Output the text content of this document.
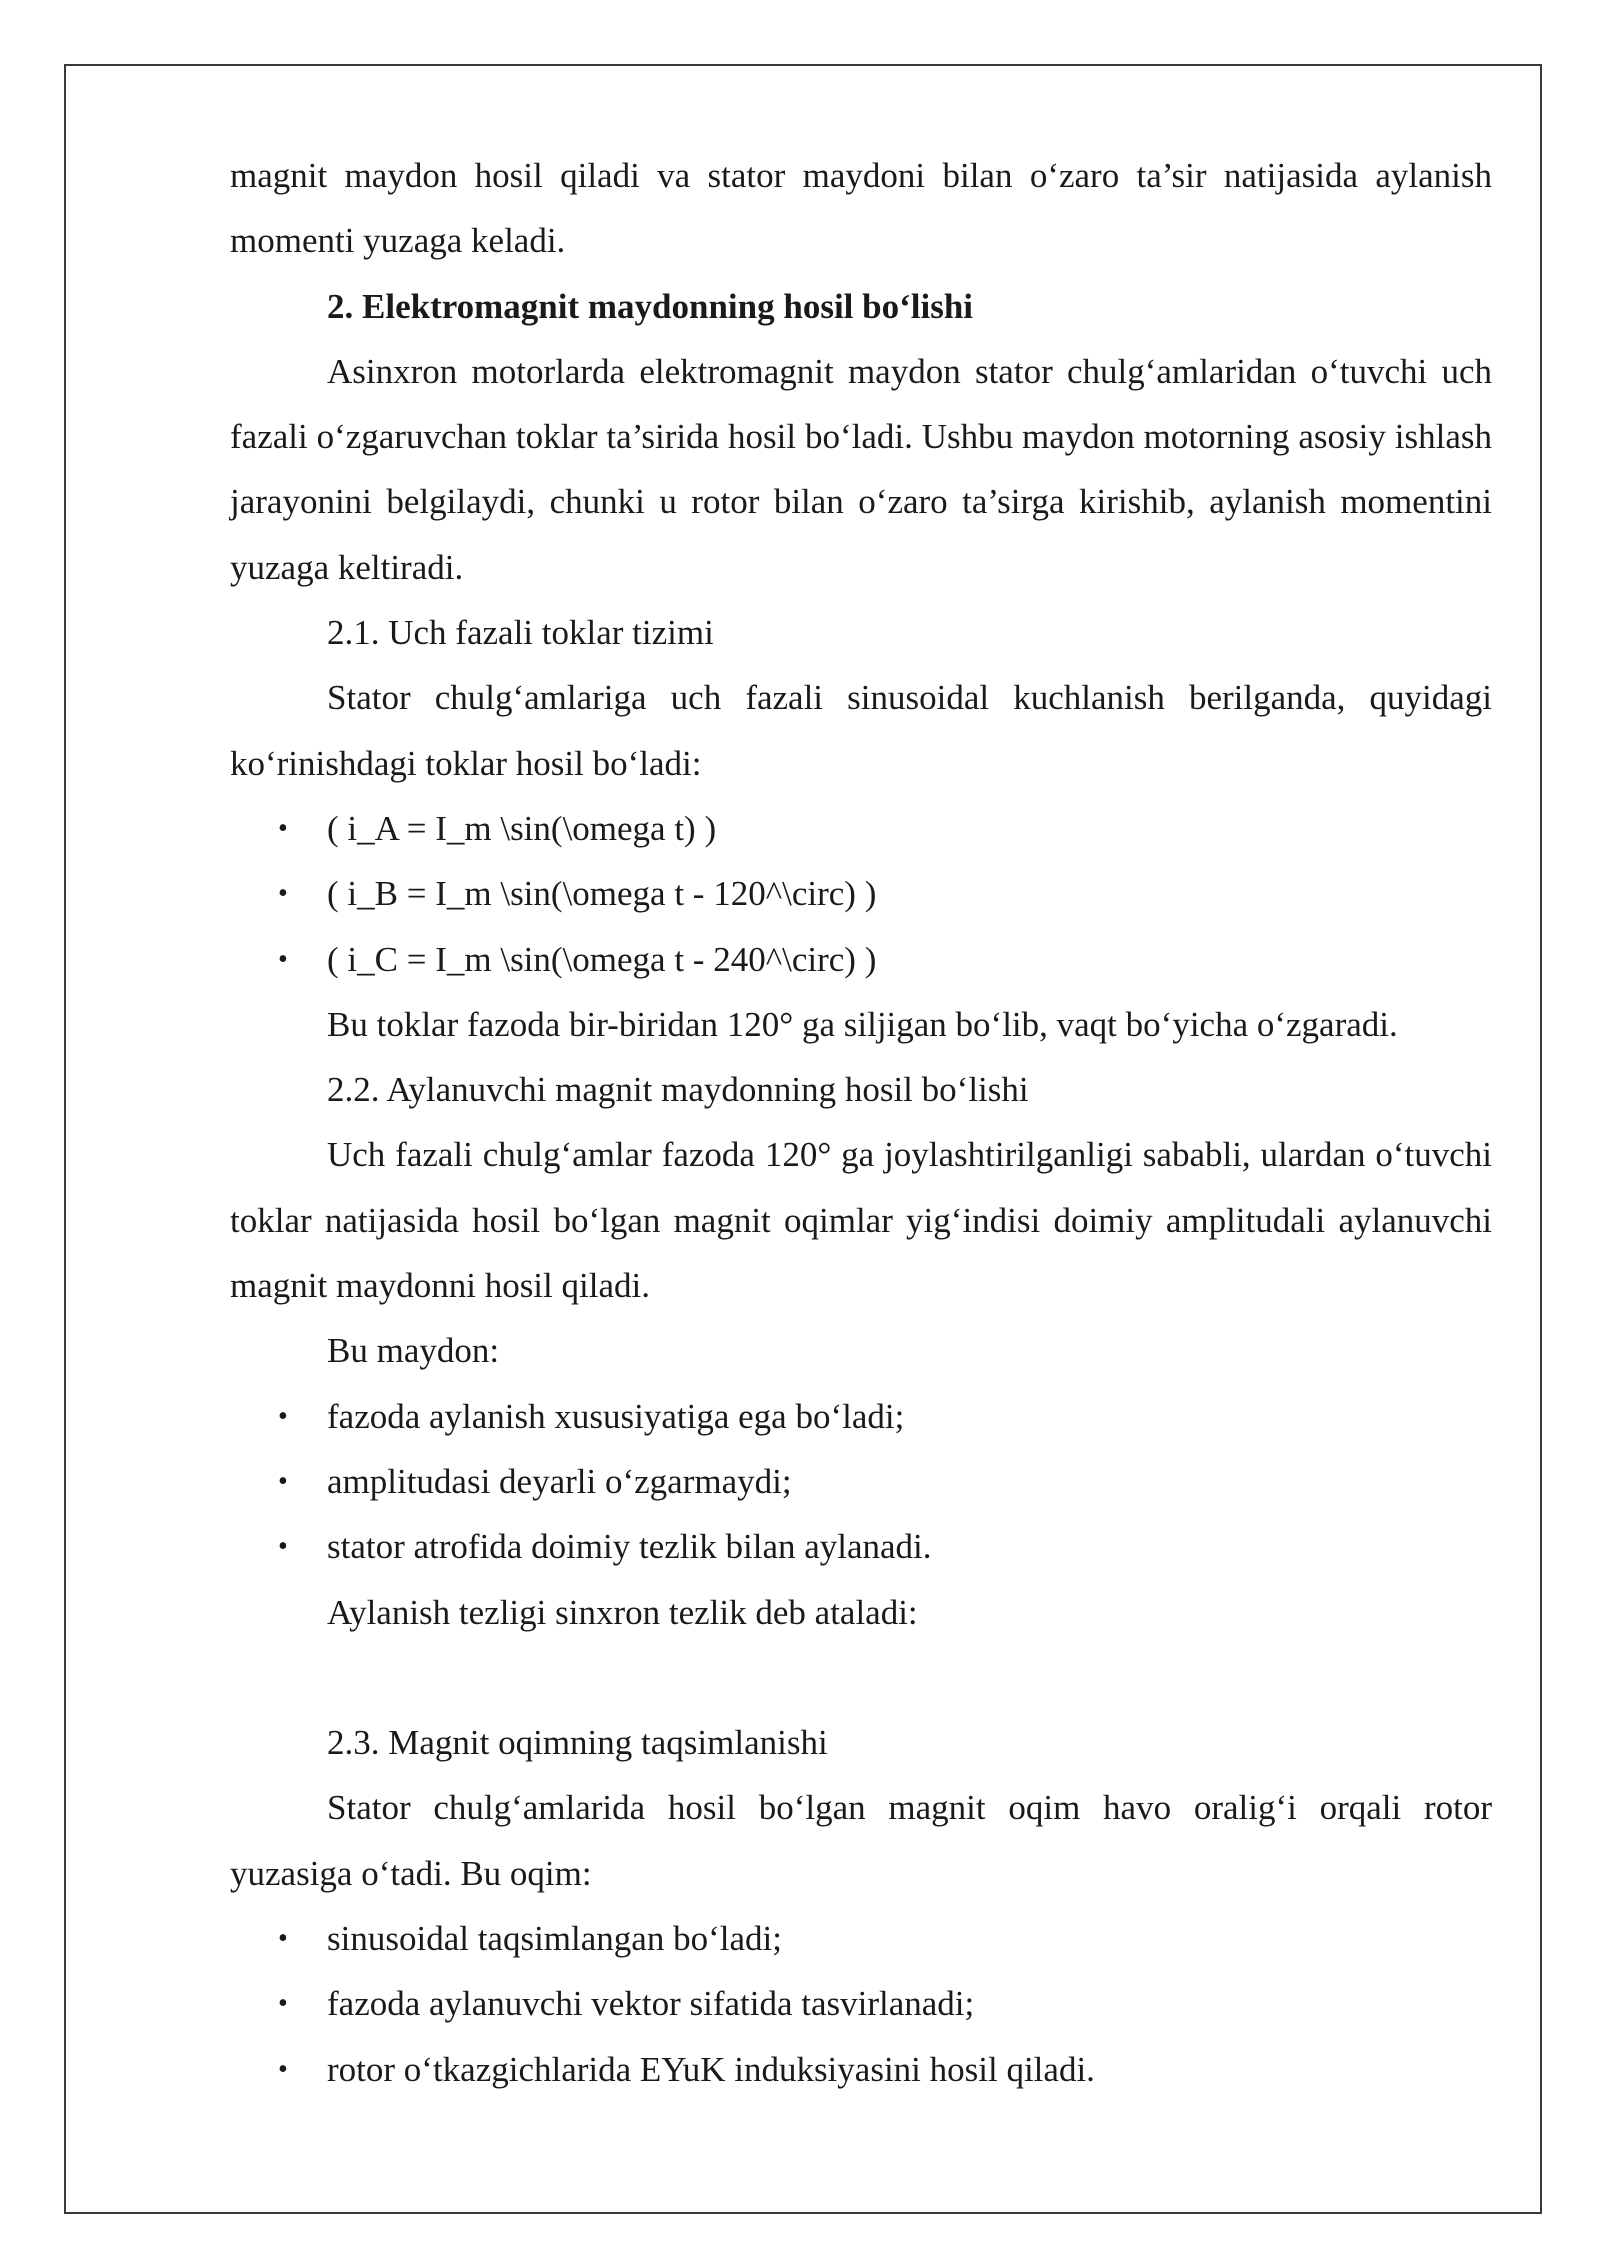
magnit maydon hosil qiladi va stator maydoni bilan o‘zaro ta’sir natijasida aylanish

momenti yuzaga keladi.

2. Elektromagnit maydonning hosil bo‘lishi

Asinxron motorlarda elektromagnit maydon stator chulg‘amlaridan o‘tuvchi uch fazali o‘zgaruvchan toklar ta’sirida hosil bo‘ladi. Ushbu maydon motorning asosiy ishlash jarayonini belgilaydi, chunki u rotor bilan o‘zaro ta’sirga kirishib, aylanish momentini yuzaga keltiradi.

2.1. Uch fazali toklar tizimi

Stator chulg‘amlariga uch fazali sinusoidal kuchlanish berilganda, quyidagi ko‘rinishdagi toklar hosil bo‘ladi:

• ( i_A = I_m \sin(\omega t) )
• ( i_B = I_m \sin(\omega t - 120^\circ) )
• ( i_C = I_m \sin(\omega t - 240^\circ) )

Bu toklar fazoda bir-biridan 120° ga siljigan bo‘lib, vaqt bo‘yicha o‘zgaradi.

2.2. Aylanuvchi magnit maydonning hosil bo‘lishi

Uch fazali chulg‘amlar fazoda 120° ga joylashtirilganligi sababli, ulardan o‘tuvchi toklar natijasida hosil bo‘lgan magnit oqimlar yig‘indisi doimiy amplitudali aylanuvchi magnit maydonni hosil qiladi.

Bu maydon:

• fazoda aylanish xususiyatiga ega bo‘ladi;
• amplitudasi deyarli o‘zgarmaydi;
• stator atrofida doimiy tezlik bilan aylanadi.

Aylanish tezligi sinxron tezlik deb ataladi:

2.3. Magnit oqimning taqsimlanishi

Stator chulg‘amlarida hosil bo‘lgan magnit oqim havo oralig‘i orqali rotor yuzasiga o‘tadi. Bu oqim:

• sinusoidal taqsimlangan bo‘ladi;
• fazoda aylanuvchi vektor sifatida tasvirlanadi;
• rotor o‘tkazgichlarida EYuK induksiyasini hosil qiladi.
